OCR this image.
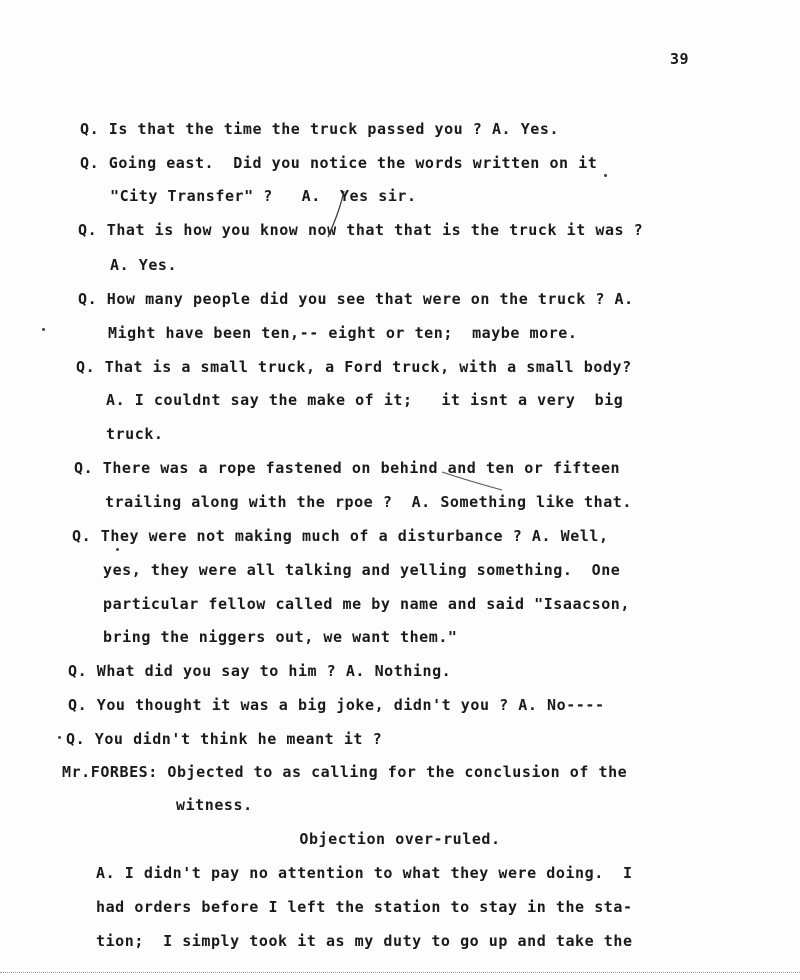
39
Q. Is that the time the truck passed you ? A. Yes.
Q. Going east.  Did you notice the words written on it
"City Transfer" ?   A.  Yes sir.
Q. That is how you know now that that is the truck it was ?
A. Yes.
Q. How many people did you see that were on the truck ? A.
Might have been ten,-- eight or ten;  maybe more.
Q. That is a small truck, a Ford truck, with a small body?
A. I couldnt say the make of it;   it isnt a very  big
truck.
Q. There was a rope fastened on behind and ten or fifteen
trailing along with the rpoe ?  A. Something like that.
Q. They were not making much of a disturbance ? A. Well,
yes, they were all talking and yelling something.  One
particular fellow called me by name and said "Isaacson,
bring the niggers out, we want them."
Q. What did you say to him ? A. Nothing.
Q. You thought it was a big joke, didn't you ? A. No----
Q. You didn't think he meant it ?
Mr.FORBES: Objected to as calling for the conclusion of the
witness.
Objection over-ruled.
A. I didn't pay no attention to what they were doing.  I
had orders before I left the station to stay in the sta-
tion;  I simply took it as my duty to go up and take the
